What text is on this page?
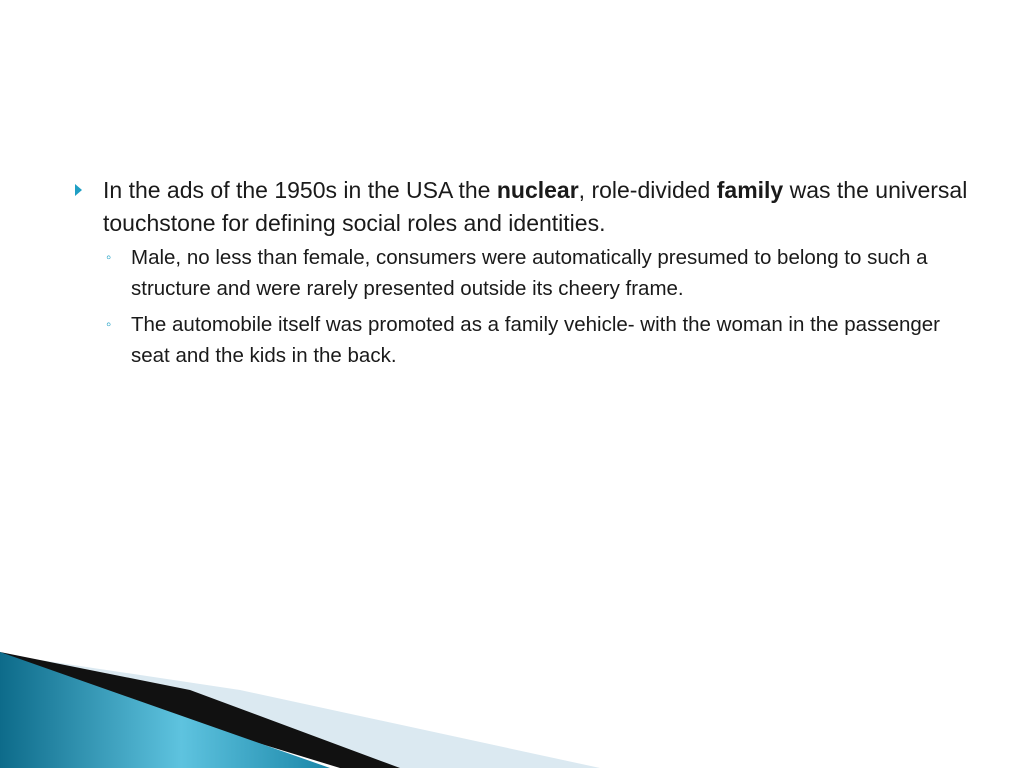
In the ads of the 1950s in the USA the nuclear, role-divided family was the universal touchstone for defining social roles and identities.

◦ Male, no less than female, consumers were automatically presumed to belong to such a structure and were rarely presented outside its cheery frame.

◦ The automobile itself was promoted as a family vehicle- with the woman in the passenger seat and the kids in the back.
